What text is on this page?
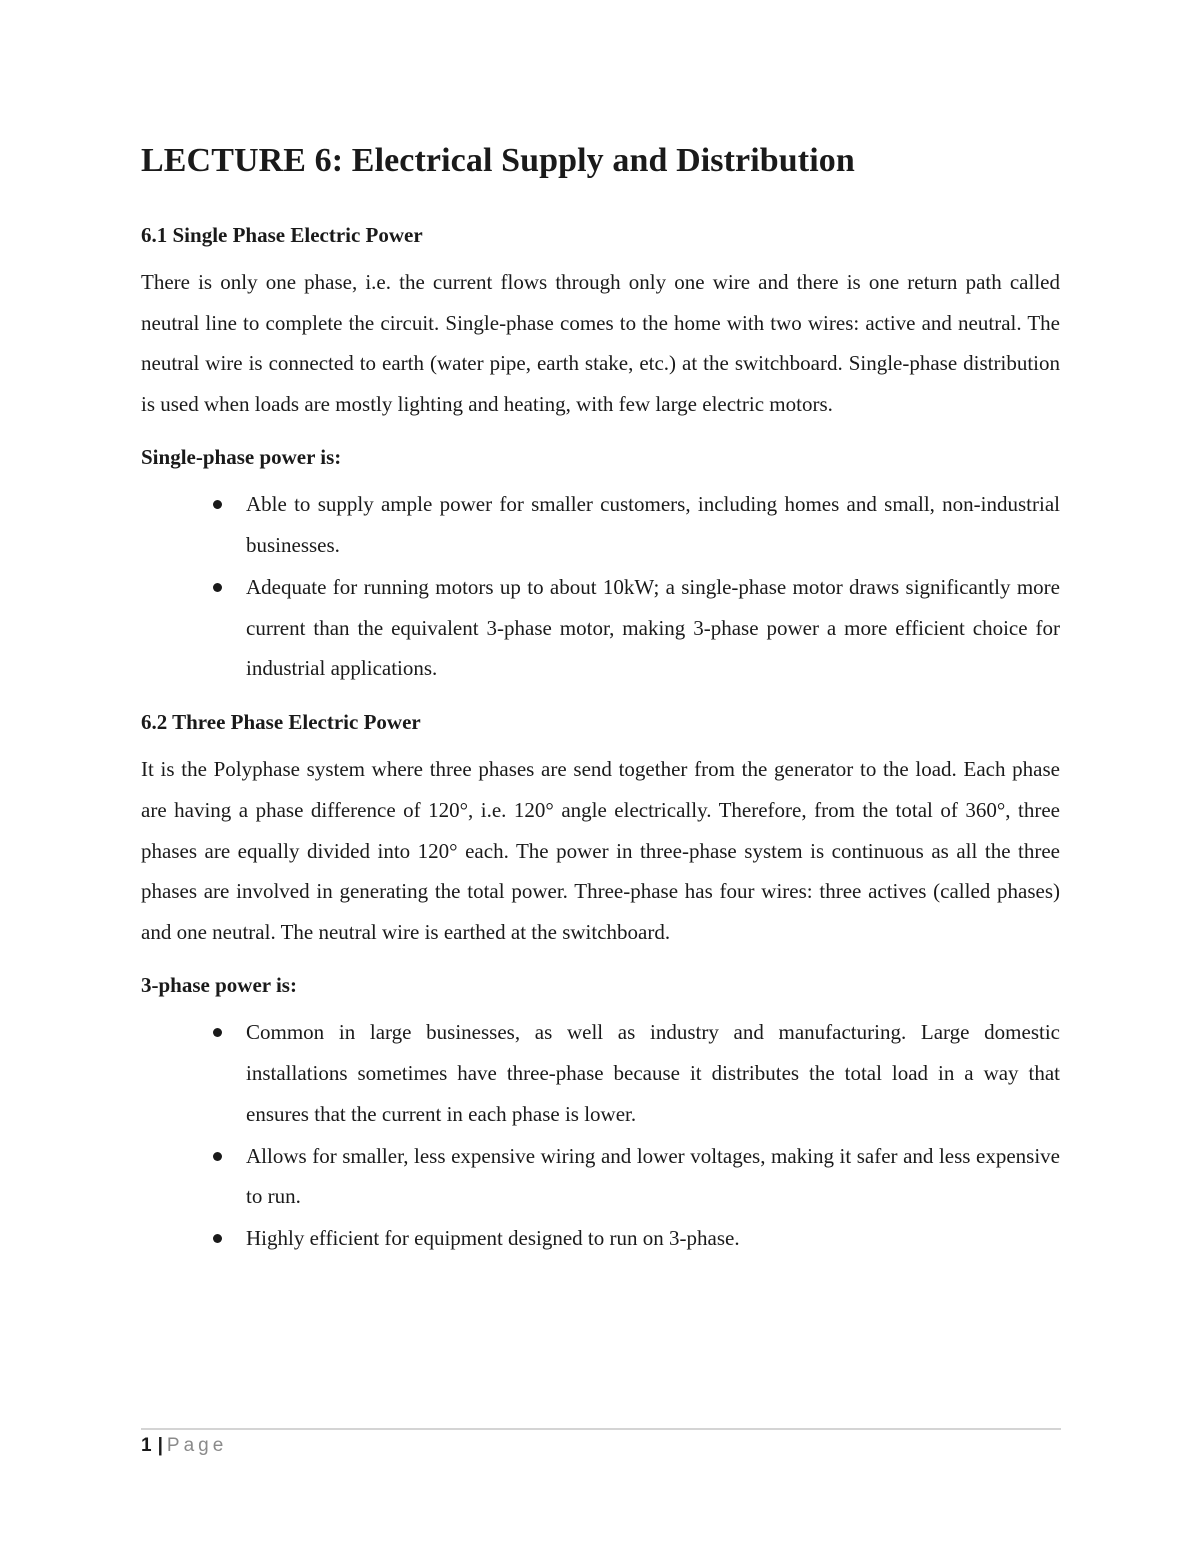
LECTURE 6: Electrical Supply and Distribution
6.1 Single Phase Electric Power

There is only one phase, i.e. the current flows through only one wire and there is one return path called neutral line to complete the circuit. Single-phase comes to the home with two wires: active and neutral. The neutral wire is connected to earth (water pipe, earth stake, etc.) at the switchboard. Single-phase distribution is used when loads are mostly lighting and heating, with few large electric motors.

Single-phase power is:

Able to supply ample power for smaller customers, including homes and small, non-industrial businesses.
Adequate for running motors up to about 10kW; a single-phase motor draws significantly more current than the equivalent 3-phase motor, making 3-phase power a more efficient choice for industrial applications.
6.2 Three Phase Electric Power

It is the Polyphase system where three phases are send together from the generator to the load. Each phase are having a phase difference of 120°, i.e. 120° angle electrically. Therefore, from the total of 360°, three phases are equally divided into 120° each. The power in three-phase system is continuous as all the three phases are involved in generating the total power. Three-phase has four wires: three actives (called phases) and one neutral. The neutral wire is earthed at the switchboard.

3-phase power is:

Common in large businesses, as well as industry and manufacturing. Large domestic installations sometimes have three-phase because it distributes the total load in a way that ensures that the current in each phase is lower.
Allows for smaller, less expensive wiring and lower voltages, making it safer and less expensive to run.
Highly efficient for equipment designed to run on 3-phase.
1 | Page
